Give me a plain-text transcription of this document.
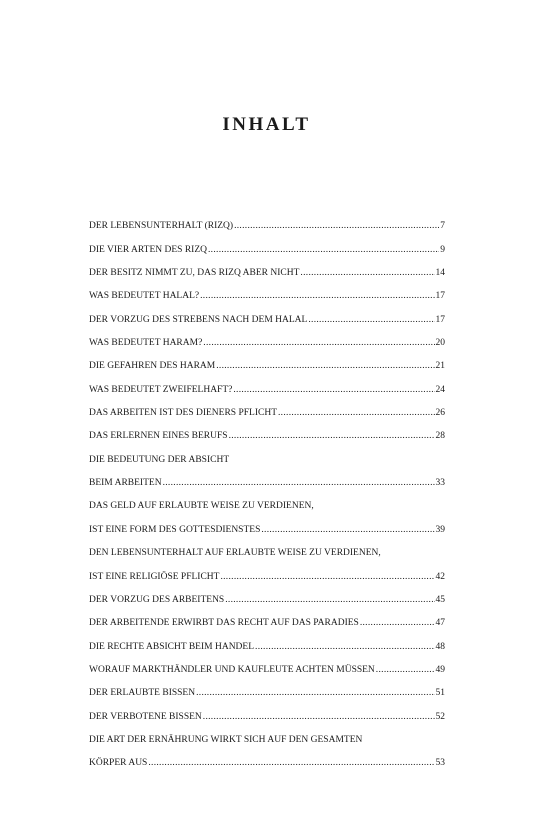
INHALT
DER LEBENSUNTERHALT (RIZQ) .....	7
DIE VIER ARTEN DES RIZQ .....	9
DER BESITZ NIMMT ZU, DAS RIZQ ABER NICHT .....	14
WAS BEDEUTET HALAL? .....	17
DER VORZUG DES STREBENS NACH DEM HALAL .....	17
WAS BEDEUTET HARAM? .....	20
DIE GEFAHREN DES HARAM .....	21
WAS BEDEUTET ZWEIFELHAFT? .....	24
DAS ARBEITEN IST DES DIENERS PFLICHT .....	26
DAS ERLERNEN EINES BERUFS .....	28
DIE BEDEUTUNG DER ABSICHT
BEIM ARBEITEN .....	33
DAS GELD AUF ERLAUBTE WEISE ZU VERDIENEN,
IST EINE FORM DES GOTTESDIENSTES .....	39
DEN LEBENSUNTERHALT AUF ERLAUBTE WEISE ZU VERDIENEN,
IST EINE RELIGIÖSE PFLICHT .....	42
DER VORZUG DES ARBEITENS .....	45
DER ARBEITENDE ERWIRBT DAS RECHT AUF DAS PARADIES .....	47
DIE RECHTE ABSICHT BEIM HANDEL .....	48
WORAUF MARKTHÄNDLER UND KAUFLEUTE ACHTEN MÜSSEN .....	49
DER ERLAUBTE BISSEN .....	51
DER VERBOTENE BISSEN .....	52
DIE ART DER ERNÄHRUNG WIRKT SICH AUF DEN GESAMTEN
KÖRPER AUS .....	53
